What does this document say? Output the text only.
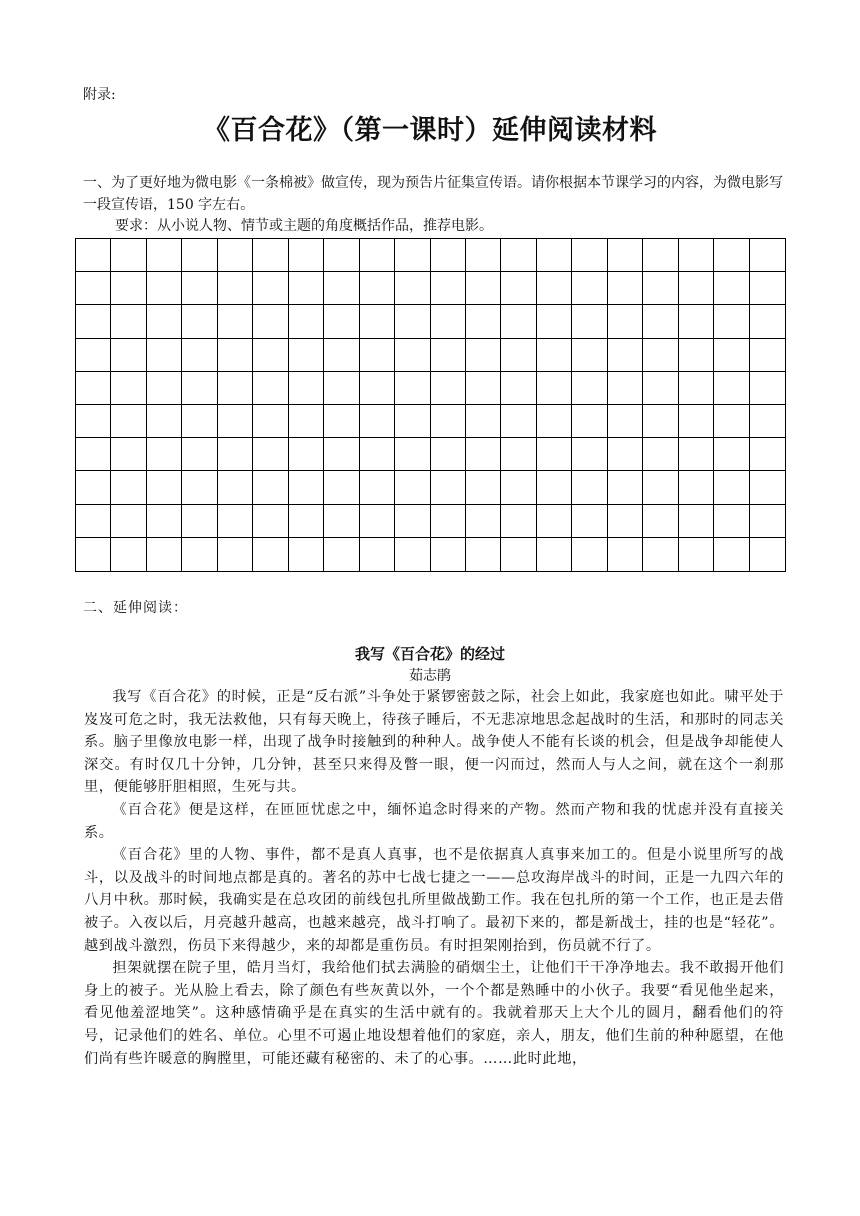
附录:
《百合花》（第一课时）延伸阅读材料
一、为了更好地为微电影《一条棉被》做宣传，现为预告片征集宣传语。请你根据本节课学习的内容，为微电影写一段宣传语，150 字左右。
要求：从小说人物、情节或主题的角度概括作品，推荐电影。
二、延伸阅读：
我写《百合花》的经过
茹志鹃

我写《百合花》的时候，正是“反右派”斗争处于紧锣密鼓之际，社会上如此，我家庭也如此。啸平处于岌岌可危之时，我无法救他，只有每天晚上，待孩子睡后，不无悲凉地思念起战时的生活，和那时的同志关系。脑子里像放电影一样，出现了战争时接触到的种种人。战争使人不能有长谈的机会，但是战争却能使人深交。有时仅几十分钟，几分钟，甚至只来得及瞥一眼，便一闪而过，然而人与人之间，就在这个一刹那里，便能够肝胆相照，生死与共。

《百合花》便是这样，在匝匝忧虑之中，缅怀追念时得来的产物。然而产物和我的忧虑并没有直接关系。

《百合花》里的人物、事件，都不是真人真事，也不是依据真人真事来加工的。但是小说里所写的战斗，以及战斗的时间地点都是真的。著名的苏中七战七捷之一——总攻海岸战斗的时间，正是一九四六年的八月中秋。那时候，我确实是在总攻团的前线包扎所里做战勤工作。我在包扎所的第一个工作，也正是去借被子。入夜以后，月亮越升越高，也越来越亮，战斗打响了。最初下来的，都是新战士，挂的也是“轻花”。越到战斗激烈，伤员下来得越少，来的却都是重伤员。有时担架刚抬到，伤员就不行了。

担架就摆在院子里，皓月当灯，我给他们拭去满脸的硝烟尘土，让他们干干净净地去。我不敢揭开他们身上的被子。光从脸上看去，除了颜色有些灰黄以外，一个个都是熟睡中的小伙子。我要“看见他坐起来，看见他羞涩地笑”。这种感情确乎是在真实的生活中就有的。我就着那天上大个儿的圆月，翻看他们的符号，记录他们的姓名、单位。心里不可遏止地设想着他们的家庭，亲人，朋友，他们生前的种种愿望，在他们尚有些许暖意的胸膛里，可能还藏有秘密的、未了的心事。……此时此地，
